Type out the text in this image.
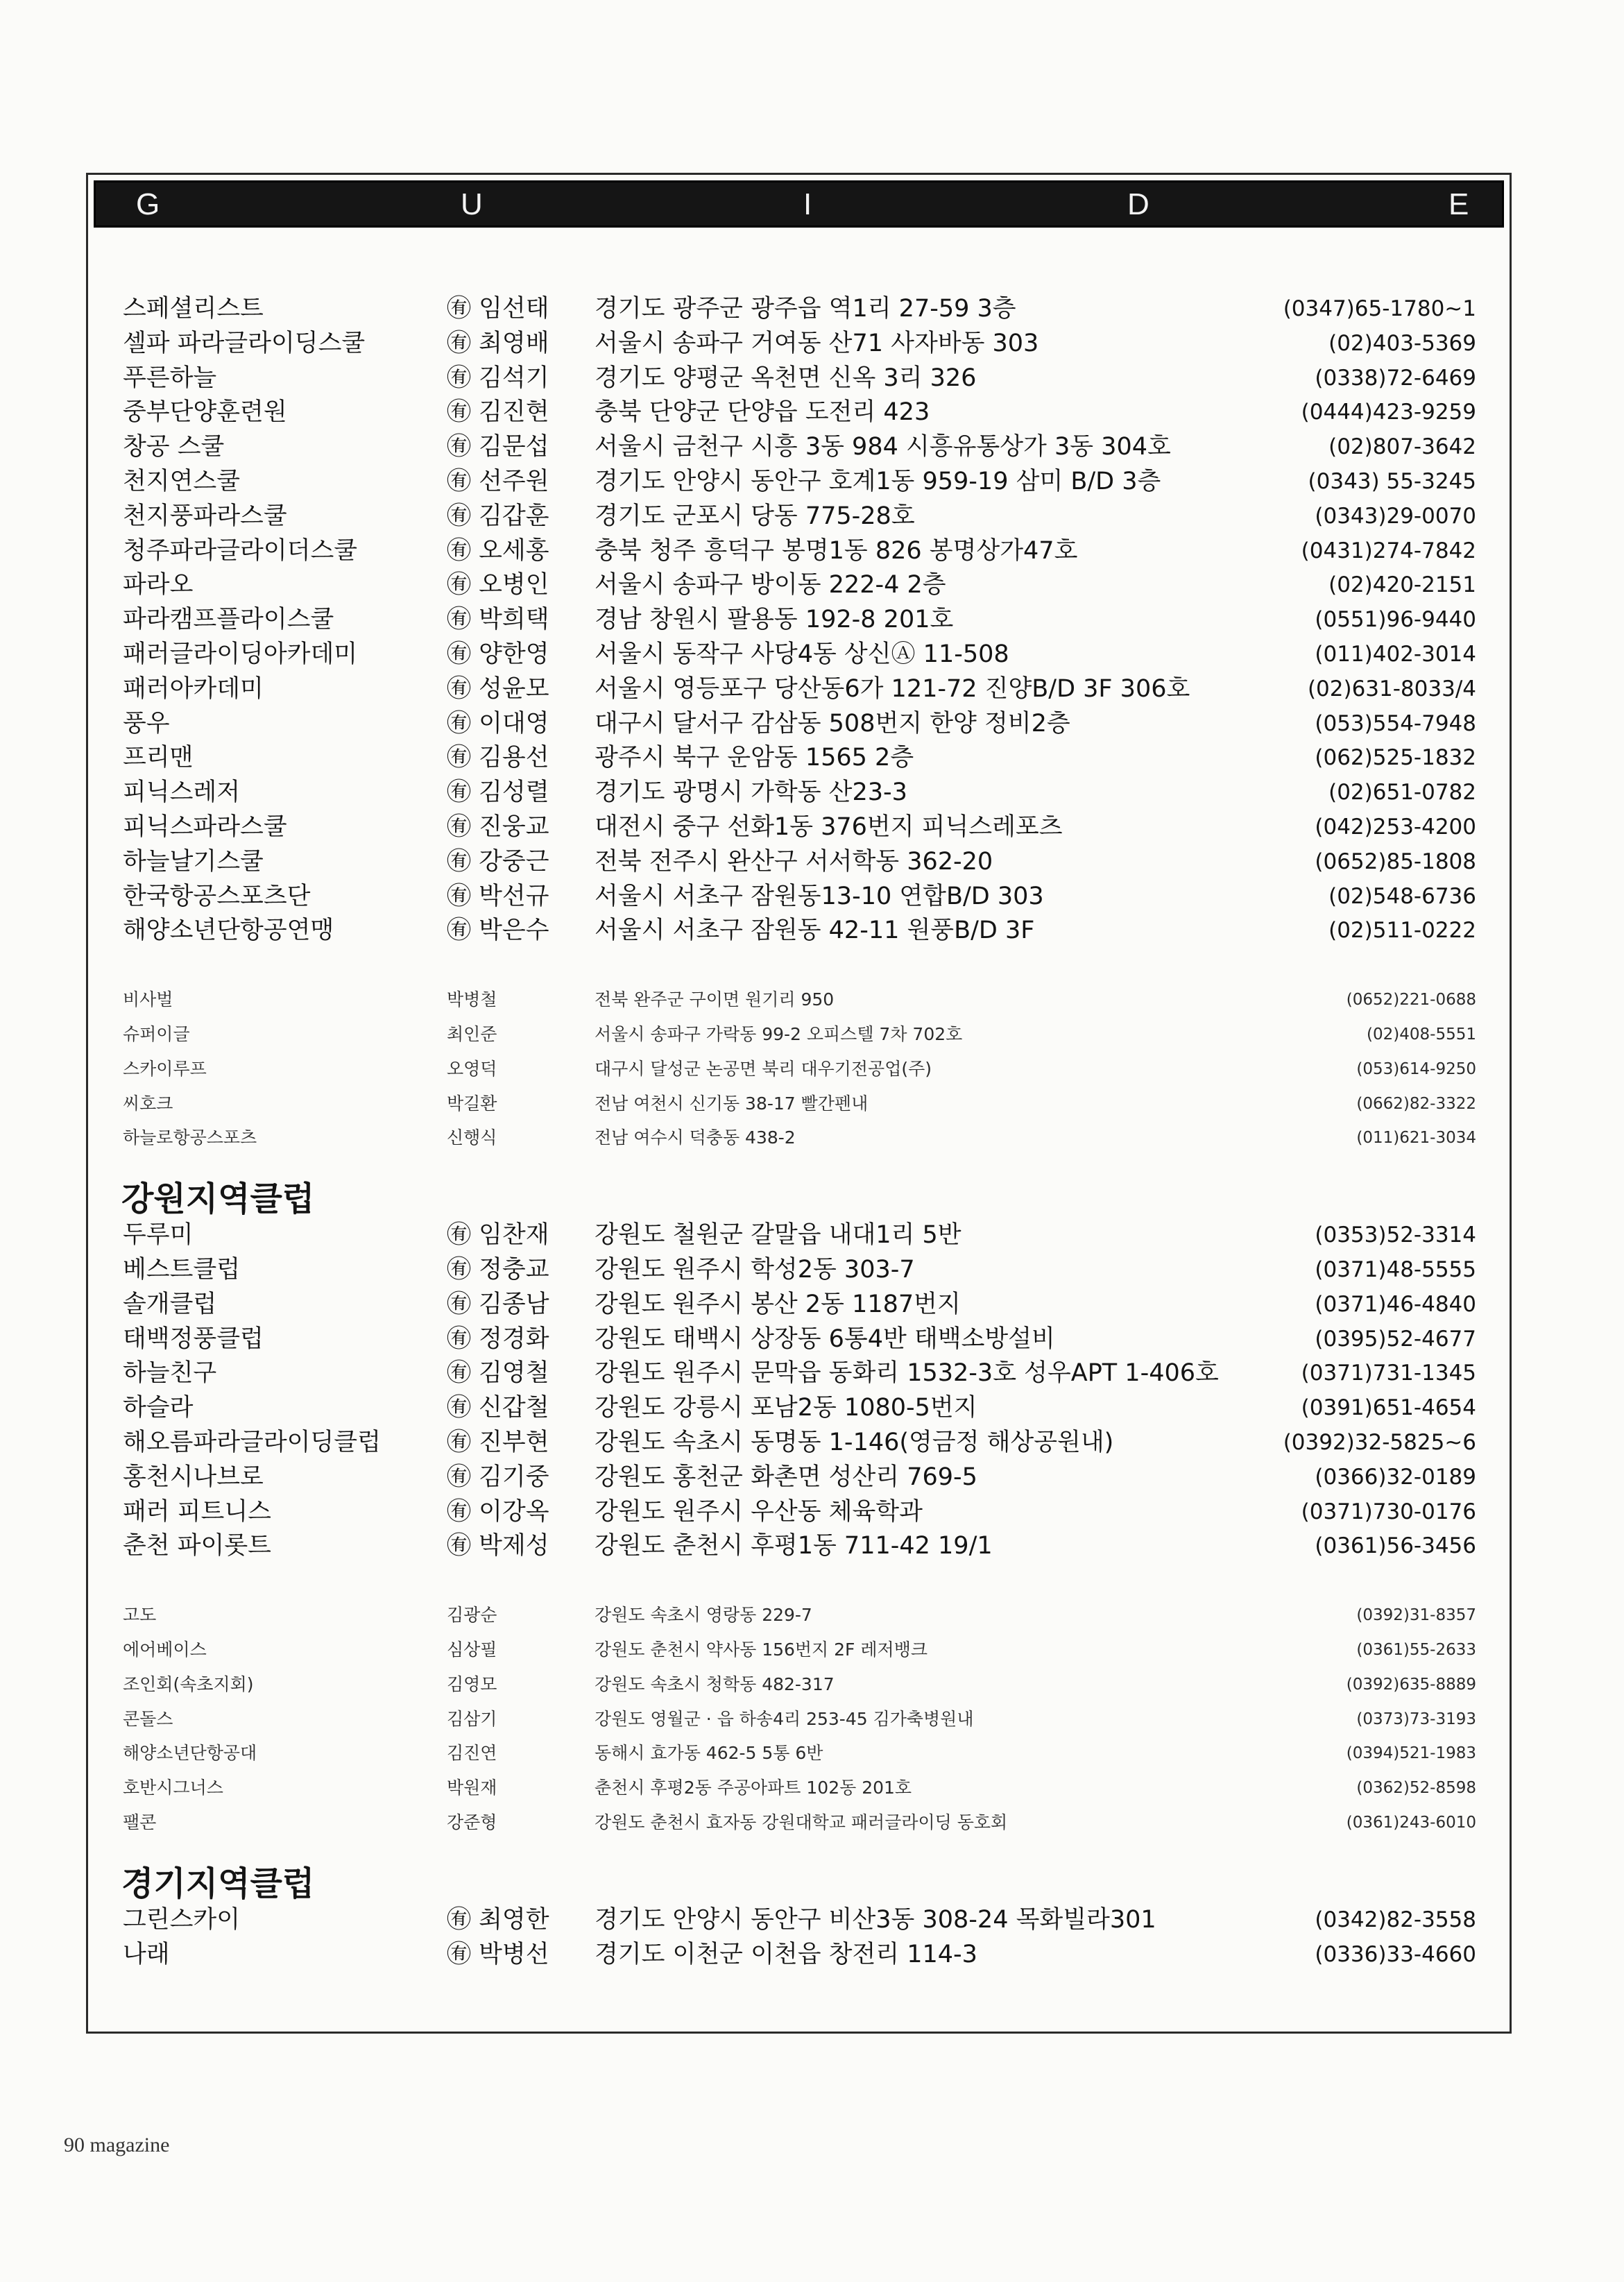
G	U	I	D	E
스페셜리스트	㊒ 임선태 경기도 광주군 광주읍 역1리 27-59 3층	(0347)65-1780~1
셀파 파라글라이딩스쿨	㊒ 최영배 서울시 송파구 거여동 산71 사자바동 303	(02)403-5369
푸른하늘	㊒ 김석기 경기도 양평군 옥천면 신옥 3리 326	(0338)72-6469
중부단양훈련원	㊒ 김진현 충북 단양군 단양읍 도전리 423	(0444)423-9259
창공 스쿨	㊒ 김문섭 서울시 금천구 시흥 3동 984 시흥유통상가 3동 304호	(02)807-3642
천지연스쿨	㊒ 선주원 경기도 안양시 동안구 호계1동 959-19 삼미 B/D 3층	(0343) 55-3245
천지풍파라스쿨	㊒ 김갑훈 경기도 군포시 당동 775-28호	(0343)29-0070
청주파라글라이더스쿨	㊒ 오세홍 충북 청주 흥덕구 봉명1동 826 봉명상가47호	(0431)274-7842
파라오	㊒ 오병인 서울시 송파구 방이동 222-4 2층	(02)420-2151
파라캠프플라이스쿨	㊒ 박희택 경남 창원시 팔용동 192-8 201호	(0551)96-9440
패러글라이딩아카데미	㊒ 양한영 서울시 동작구 사당4동 상신Ⓐ 11-508	(011)402-3014
패러아카데미	㊒ 성윤모 서울시 영등포구 당산동6가 121-72 진양B/D 3F 306호	(02)631-8033/4
풍우	㊒ 이대영 대구시 달서구 감삼동 508번지 한양 정비2층	(053)554-7948
프리맨	㊒ 김용선 광주시 북구 운암동 1565 2층	(062)525-1832
피닉스레저	㊒ 김성렬 경기도 광명시 가학동 산23-3	(02)651-0782
피닉스파라스쿨	㊒ 진웅교 대전시 중구 선화1동 376번지 피닉스레포츠	(042)253-4200
하늘날기스쿨	㊒ 강중근 전북 전주시 완산구 서서학동 362-20	(0652)85-1808
한국항공스포츠단	㊒ 박선규 서울시 서초구 잠원동13-10 연합B/D 303	(02)548-6736
해양소년단항공연맹	㊒ 박은수 서울시 서초구 잠원동 42-11 원풍B/D 3F	(02)511-0222
비사벌	박병철	전북 완주군 구이면 원기리 950	(0652)221-0688
슈퍼이글	최인준	서울시 송파구 가락동 99-2 오피스텔 7차 702호	(02)408-5551
스카이루프	오영덕	대구시 달성군 논공면 북리 대우기전공업(주)	(053)614-9250
씨호크	박길환	전남 여천시 신기동 38-17 빨간펜내	(0662)82-3322
하늘로항공스포츠	신행식	전남 여수시 덕충동 438-2	(011)621-3034
강원지역클럽
두루미	㊒ 임찬재 강원도 철원군 갈말읍 내대1리 5반	(0353)52-3314
베스트클럽	㊒ 정충교 강원도 원주시 학성2동 303-7	(0371)48-5555
솔개클럽	㊒ 김종남 강원도 원주시 봉산 2동 1187번지	(0371)46-4840
태백정풍클럽	㊒ 정경화 강원도 태백시 상장동 6통4반 태백소방설비	(0395)52-4677
하늘친구	㊒ 김영철 강원도 원주시 문막읍 동화리 1532-3호 성우APT 1-406호	(0371)731-1345
하슬라	㊒ 신갑철 강원도 강릉시 포남2동 1080-5번지	(0391)651-4654
해오름파라글라이딩클럽	㊒ 진부현 강원도 속초시 동명동 1-146(영금정 해상공원내)	(0392)32-5825~6
홍천시나브로	㊒ 김기중 강원도 홍천군 화촌면 성산리 769-5	(0366)32-0189
패러 피트니스	㊒ 이강옥 강원도 원주시 우산동 체육학과	(0371)730-0176
춘천 파이롯트	㊒ 박제성 강원도 춘천시 후평1동 711-42 19/1	(0361)56-3456
고도	김광순	강원도 속초시 영랑동 229-7	(0392)31-8357
에어베이스	심상필	강원도 춘천시 약사동 156번지 2F 레저뱅크	(0361)55-2633
조인회(속초지회)	김영모	강원도 속초시 청학동 482-317	(0392)635-8889
콘돌스	김삼기	강원도 영월군 · 읍 하송4리 253-45 김가축병원내	(0373)73-3193
해양소년단항공대	김진연	동해시 효가동 462-5 5통 6반	(0394)521-1983
호반시그너스	박원재	춘천시 후평2동 주공아파트 102동 201호	(0362)52-8598
팰콘	강준형	강원도 춘천시 효자동 강원대학교 패러글라이딩 동호회	(0361)243-6010
경기지역클럽
그린스카이	㊒ 최영한 경기도 안양시 동안구 비산3동 308-24 목화빌라301	(0342)82-3558
나래	㊒ 박병선 경기도 이천군 이천읍 창전리 114-3	(0336)33-4660
90 magazine
